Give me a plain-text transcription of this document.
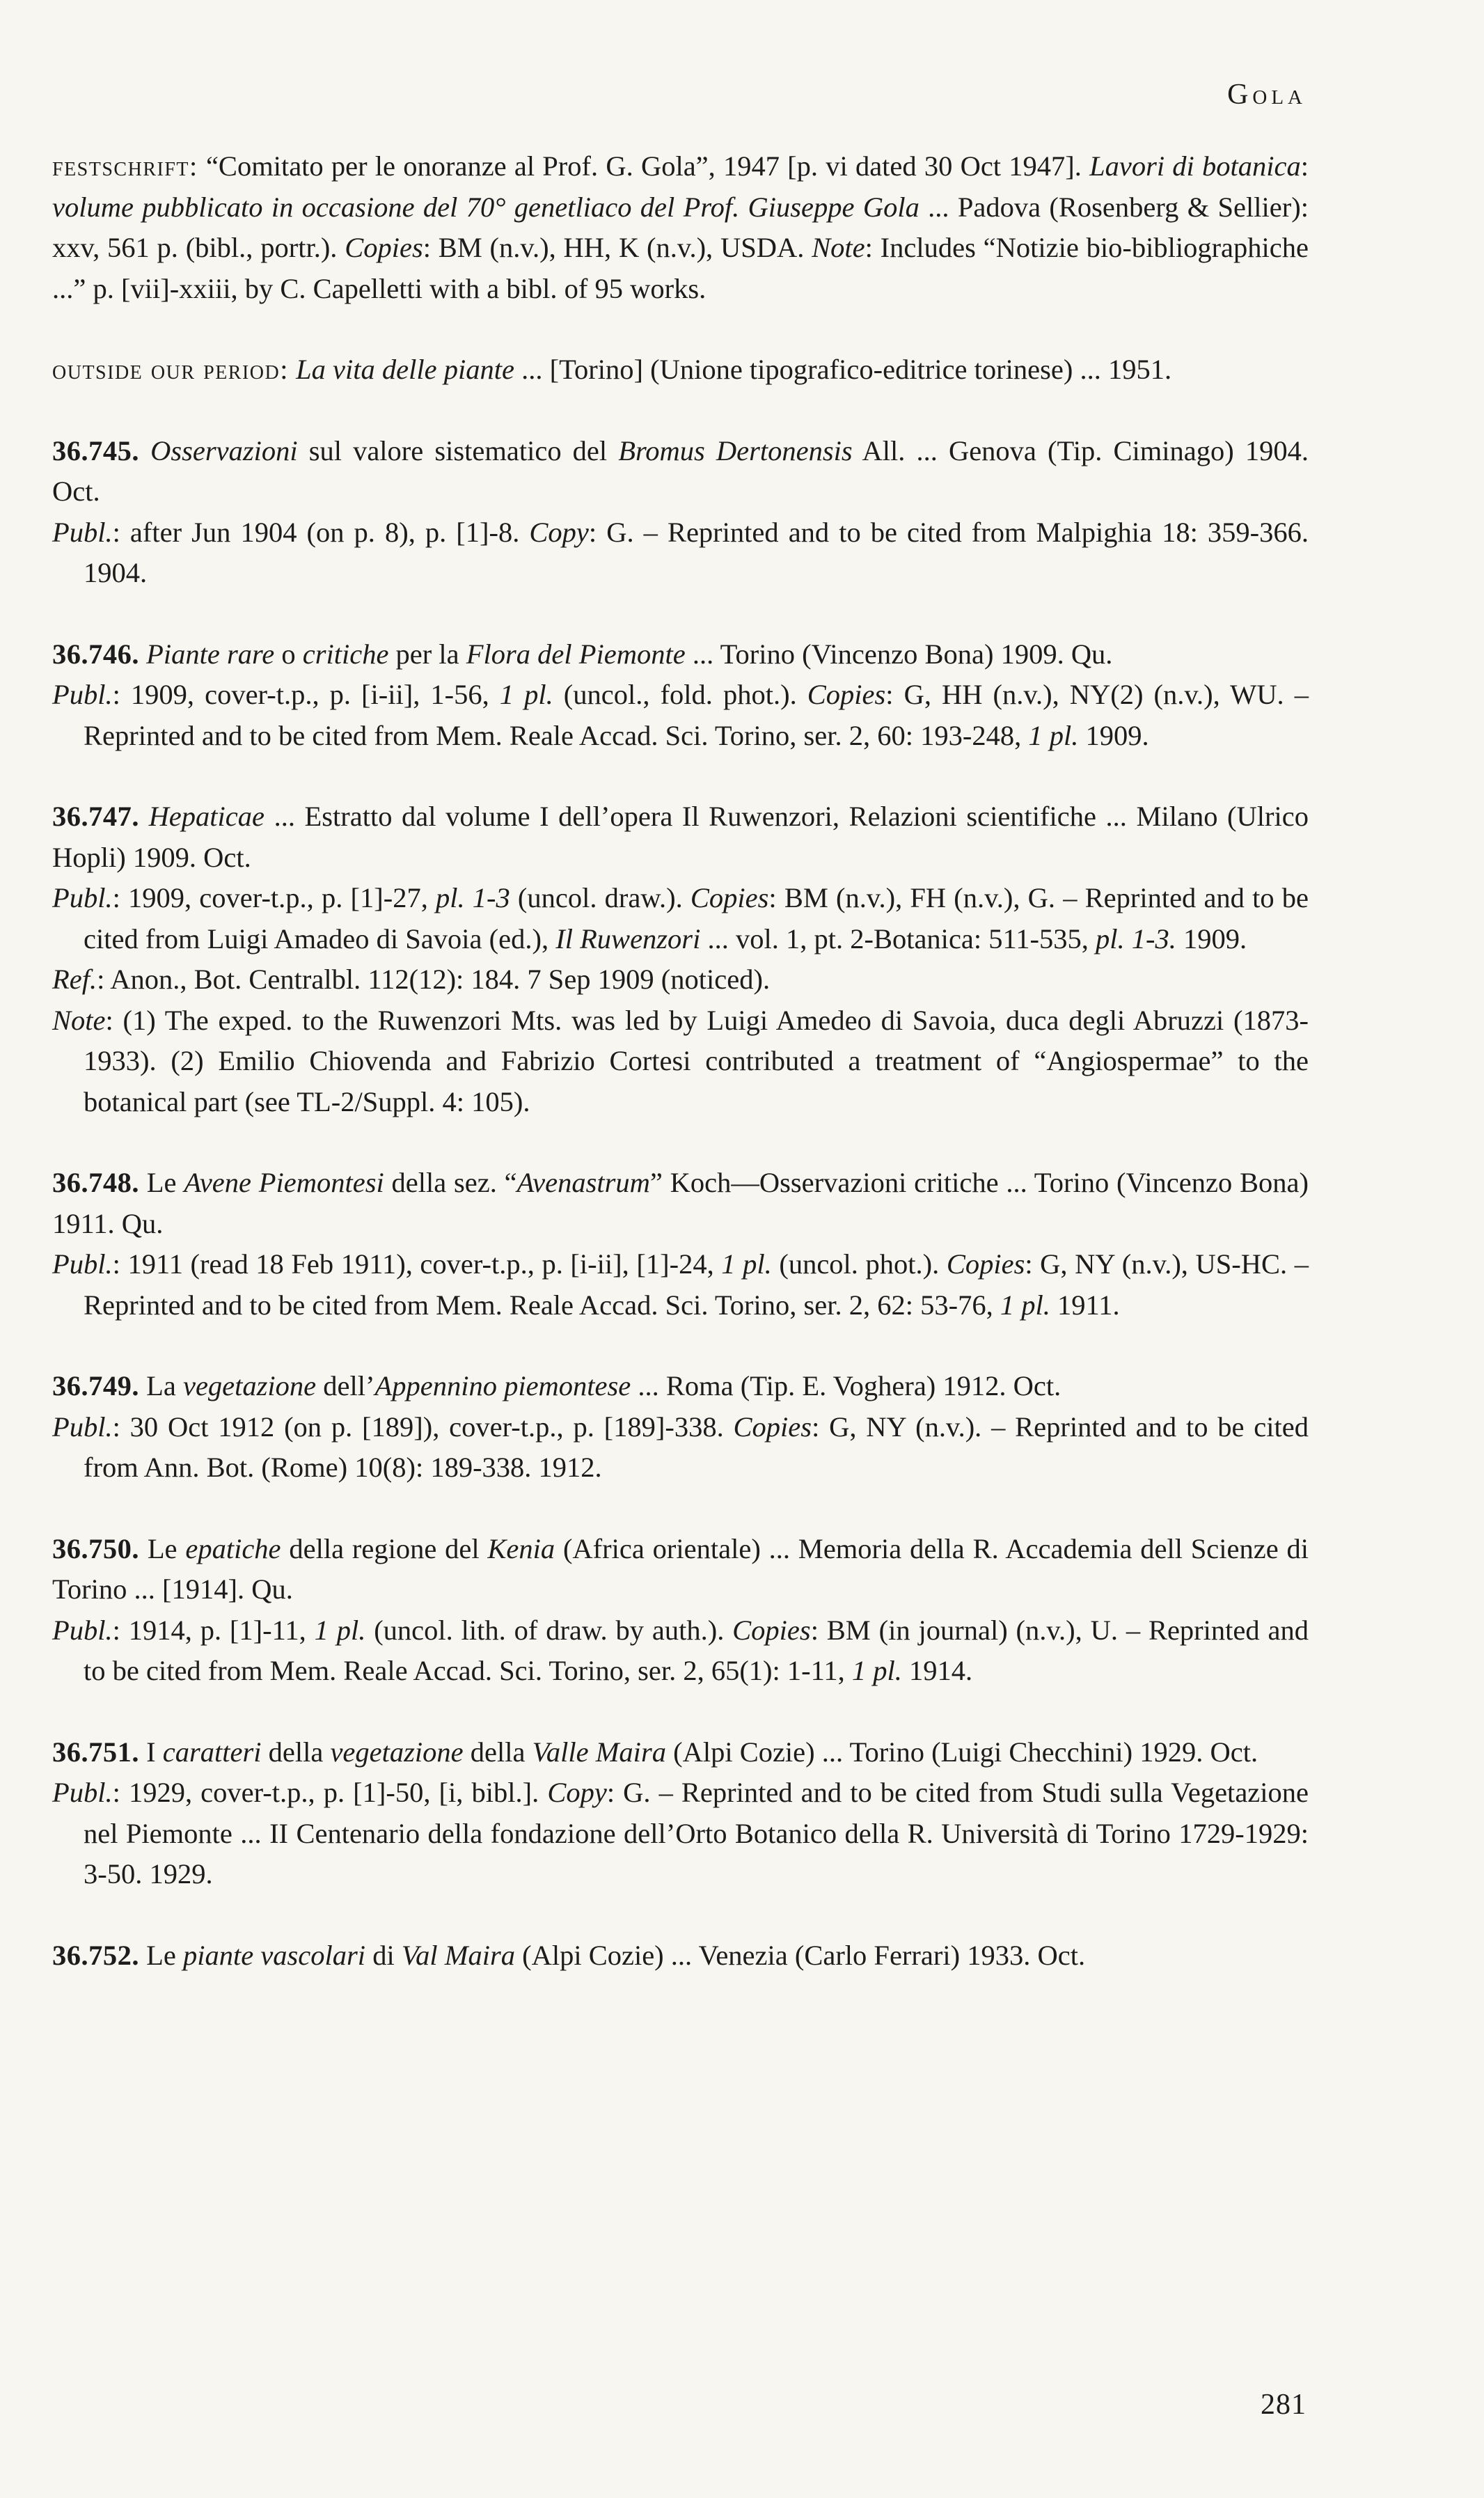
Gola

festschrift: “Comitato per le onoranze al Prof. G. Gola”, 1947 [p. vi dated 30 Oct 1947]. Lavori di botanica: volume pubblicato in occasione del 70° genetliaco del Prof. Giuseppe Gola ... Padova (Rosenberg & Sellier): xxv, 561 p. (bibl., portr.). Copies: BM (n.v.), HH, K (n.v.), USDA. Note: Includes “Notizie bio-bibliographiche ...” p. [vii]-xxiii, by C. Capelletti with a bibl. of 95 works.

outside our period: La vita delle piante ... [Torino] (Unione tipografico-editrice torinese) ... 1951.

36.745. Osservazioni sul valore sistematico del Bromus Dertonensis All. ... Genova (Tip. Ciminago) 1904. Oct.

Publ.: after Jun 1904 (on p. 8), p. [1]-8. Copy: G. – Reprinted and to be cited from Malpighia 18: 359-366. 1904.

36.746. Piante rare o critiche per la Flora del Piemonte ... Torino (Vincenzo Bona) 1909. Qu.

Publ.: 1909, cover-t.p., p. [i-ii], 1-56, 1 pl. (uncol., fold. phot.). Copies: G, HH (n.v.), NY(2) (n.v.), WU. – Reprinted and to be cited from Mem. Reale Accad. Sci. Torino, ser. 2, 60: 193-248, 1 pl. 1909.

36.747. Hepaticae ... Estratto dal volume I dell’opera Il Ruwenzori, Relazioni scientifiche ... Milano (Ulrico Hopli) 1909. Oct.

Publ.: 1909, cover-t.p., p. [1]-27, pl. 1-3 (uncol. draw.). Copies: BM (n.v.), FH (n.v.), G. – Reprinted and to be cited from Luigi Amadeo di Savoia (ed.), Il Ruwenzori ... vol. 1, pt. 2-Botanica: 511-535, pl. 1-3. 1909.

Ref.: Anon., Bot. Centralbl. 112(12): 184. 7 Sep 1909 (noticed).

Note: (1) The exped. to the Ruwenzori Mts. was led by Luigi Amedeo di Savoia, duca degli Abruzzi (1873-1933). (2) Emilio Chiovenda and Fabrizio Cortesi contributed a treatment of “Angiospermae” to the botanical part (see TL-2/Suppl. 4: 105).

36.748. Le Avene Piemontesi della sez. “Avenastrum” Koch—Osservazioni critiche ... Torino (Vincenzo Bona) 1911. Qu.

Publ.: 1911 (read 18 Feb 1911), cover-t.p., p. [i-ii], [1]-24, 1 pl. (uncol. phot.). Copies: G, NY (n.v.), US-HC. – Reprinted and to be cited from Mem. Reale Accad. Sci. Torino, ser. 2, 62: 53-76, 1 pl. 1911.

36.749. La vegetazione dell’Appennino piemontese ... Roma (Tip. E. Voghera) 1912. Oct.

Publ.: 30 Oct 1912 (on p. [189]), cover-t.p., p. [189]-338. Copies: G, NY (n.v.). – Reprinted and to be cited from Ann. Bot. (Rome) 10(8): 189-338. 1912.

36.750. Le epatiche della regione del Kenia (Africa orientale) ... Memoria della R. Accademia dell Scienze di Torino ... [1914]. Qu.

Publ.: 1914, p. [1]-11, 1 pl. (uncol. lith. of draw. by auth.). Copies: BM (in journal) (n.v.), U. – Reprinted and to be cited from Mem. Reale Accad. Sci. Torino, ser. 2, 65(1): 1-11, 1 pl. 1914.

36.751. I caratteri della vegetazione della Valle Maira (Alpi Cozie) ... Torino (Luigi Checchini) 1929. Oct.

Publ.: 1929, cover-t.p., p. [1]-50, [i, bibl.]. Copy: G. – Reprinted and to be cited from Studi sulla Vegetazione nel Piemonte ... II Centenario della fondazione dell’Orto Botanico della R. Università di Torino 1729-1929: 3-50. 1929.

36.752. Le piante vascolari di Val Maira (Alpi Cozie) ... Venezia (Carlo Ferrari) 1933. Oct.

281
